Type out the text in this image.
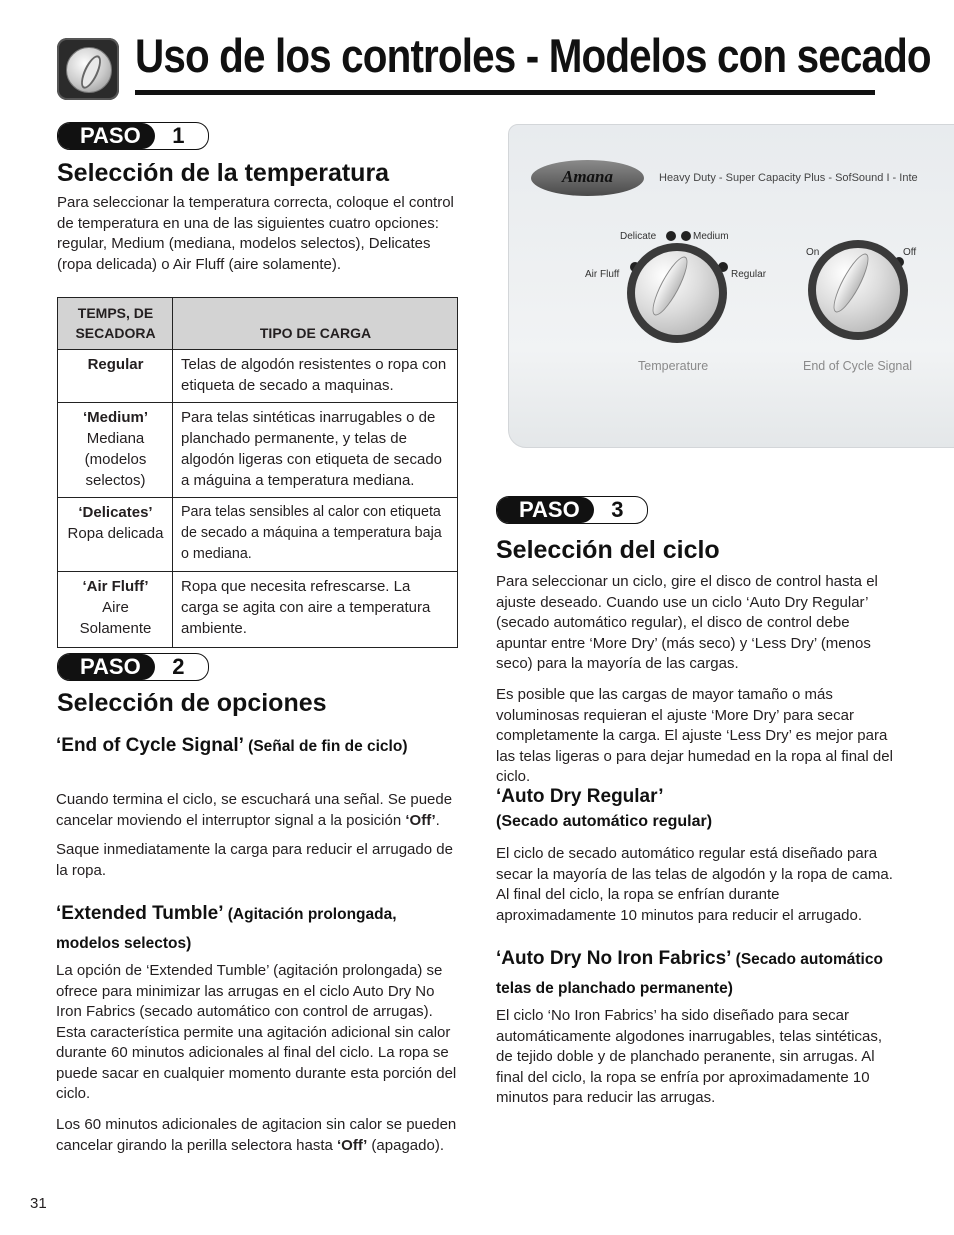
Uso de los controles - Modelos con secado
PASO	1
Selección de la temperatura

Para seleccionar la temperatura correcta, coloque el control de temperatura en una de las siguientes cuatro opciones: regular, Medium (mediana, modelos selectos), Delicates (ropa delicada) o Air Fluff (aire solamente).

TEMPS, DE SECADORA	TIPO DE CARGA
Regular	Telas de algodón resistentes o ropa con etiqueta de secado a maquinas.
‘Medium’
Mediana (modelos selectos)	Para telas sintéticas inarrugables o de planchado permanente, y telas de algodón ligeras con etiqueta de secado a máguina a temperatura mediana.
‘Delicates’
Ropa delicada	Para telas sensibles al calor con etiqueta de secado a máquina a temperatura baja o mediana.
‘Air Fluff’
Aire Solamente	Ropa que necesita refrescarse. La carga se agita con aire a temperatura ambiente.
PASO	2
Selección de opciones

‘End of Cycle Signal’ (Señal de fin de ciclo)

Cuando termina el ciclo, se escuchará una señal. Se puede cancelar moviendo el interruptor signal a la posición ‘Off’.

Saque inmediatamente la carga para reducir el arrugado de la ropa.

‘Extended Tumble’ (Agitación prolongada, modelos selectos)

La opción de ‘Extended Tumble’ (agitación prolongada) se ofrece para minimizar las arrugas en el ciclo Auto Dry No Iron Fabrics (secado automático con control de arrugas). Esta característica permite una agitación adicional sin calor durante 60 minutos adicionales al final del ciclo. La ropa se puede sacar en cualquier momento durante esta porción del ciclo.

Los 60 minutos adicionales de agitacion sin calor se pueden cancelar girando la perilla selectora hasta ‘Off’ (apagado).

Amana	Heavy Duty - Super Capacity Plus - SofSound I - Inte
Delicate	Medium
Air Fluff	Regular
Temperature
On	Off
End of Cycle Signal
PASO	3
Selección del ciclo

Para seleccionar un ciclo, gire el disco de control hasta el ajuste deseado. Cuando use un ciclo ‘Auto Dry Regular’ (secado automático regular), el disco de control debe apuntar entre ‘More Dry’ (más seco) y ‘Less Dry’ (menos seco) para la mayoría de las cargas.

Es posible que las cargas de mayor tamaño o más voluminosas requieran el ajuste ‘More Dry’ para secar completamente la carga. El ajuste ‘Less Dry’ es mejor para las telas ligeras o para dejar humedad en la ropa al final del ciclo.

‘Auto Dry Regular’

(Secado automático regular)

El ciclo de secado automático regular está diseñado para secar la mayoría de las telas de algodón y la ropa de cama. Al final del ciclo, la ropa se enfrían durante aproximadamente 10 minutos para reducir el arrugado.

‘Auto Dry No Iron Fabrics’ (Secado automático telas de planchado permanente)

El ciclo ‘No Iron Fabrics’ ha sido diseñado para secar automáticamente algodones inarrugables, telas sintéticas, de tejido doble y de planchado peranente, sin arrugas. Al final del ciclo, la ropa se enfría por aproximadamente 10 minutos para reducir las arrugas.

31
